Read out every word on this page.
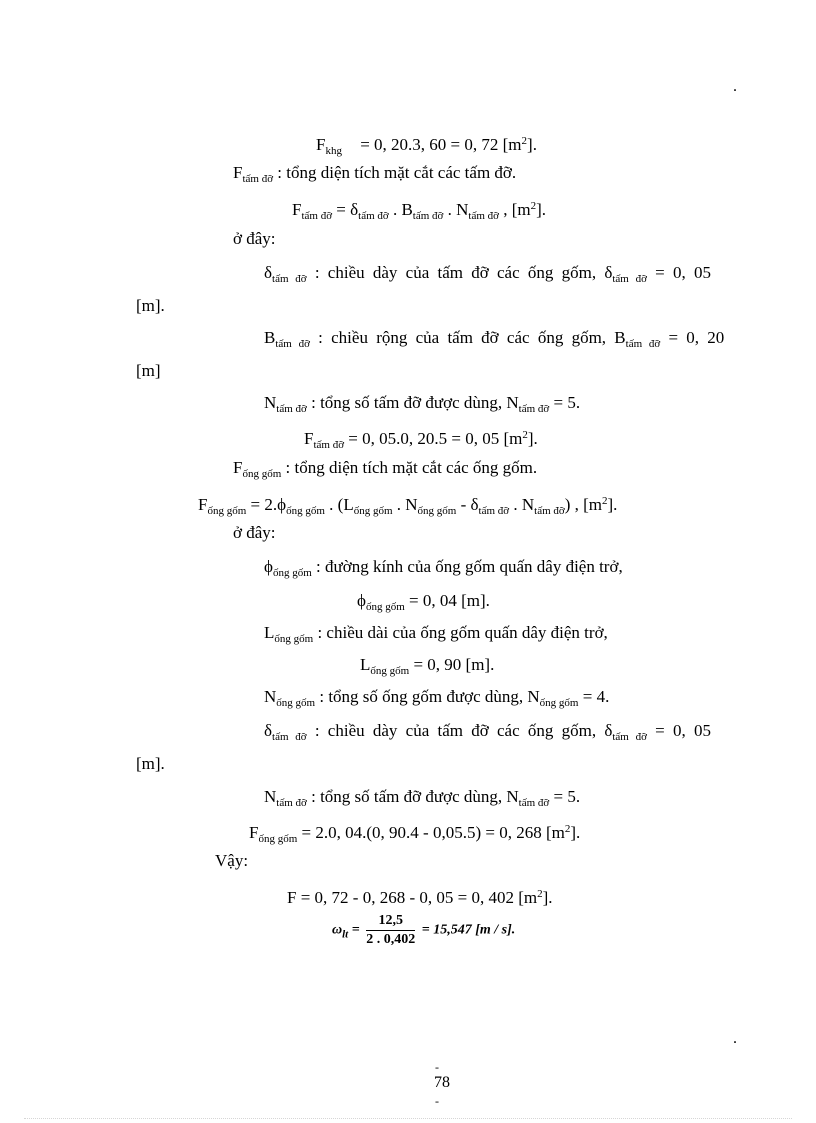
.
$F_{khg} = 0$, 20.3, 60 = 0, 72 $[m^2]$.
$F_{tấm đỡ}$ : tổng diện tích mặt cắt các tấm đỡ.
$F_{tấm đỡ} = \delta_{tấm đỡ}$ . $B_{tấm đỡ}$ . $N_{tấm đỡ}$ , $[m^2]$.
ở đây:
$\delta_{tấm đỡ}$ : chiều dày của tấm đỡ các ống gốm, $\delta_{tấm đỡ} = 0$, 05
[m].
$B_{tấm đỡ}$ : chiều rộng của tấm đỡ các ống gốm, $B_{tấm đỡ} = 0$, 20
[m]
$N_{tấm đỡ}$ : tổng số tấm đỡ được dùng, $N_{tấm đỡ} = 5$.
$F_{tấm đỡ} = 0$, 05.0, 20.5 = 0, 05 $[m^2]$.
$F_{ống gốm}$ : tổng diện tích mặt cắt các ống gốm.
$F_{ống gốm} = 2.\phi_{ống gốm}$ . ($L_{ống gốm}$ . $N_{ống gốm} - \delta_{tấm đỡ}$ . $N_{tấm đỡ}$) , $[m^2]$.
ở đây:
$\phi_{ống gốm}$ : đường kính của ống gốm quấn dây điện trở,
$\phi_{ống gốm} = 0$, 04 [m].
$L_{ống gốm}$ : chiều dài của ống gốm quấn dây điện trở,
$L_{ống gốm} = 0$, 90 [m].
$N_{ống gốm}$ : tổng số ống gốm được dùng, $N_{ống gốm} = 4$.
$\delta_{tấm đỡ}$ : chiều dày của tấm đỡ các ống gốm, $\delta_{tấm đỡ} = 0$, 05
[m].
$N_{tấm đỡ}$ : tổng số tấm đỡ được dùng, $N_{tấm đỡ} = 5$.
$F_{ống gốm} = 2.0$, 04.(0, 90.4 - 0,05.5) = 0, 268 $[m^2]$.
Vậy:
F = 0, 72 - 0, 268 - 0, 05 = 0, 402 $[m^2]$.
$\omega_{lt} = \frac{12,5}{2 . 0,402} = 15,547$ [m / s].
.
-
78
-
